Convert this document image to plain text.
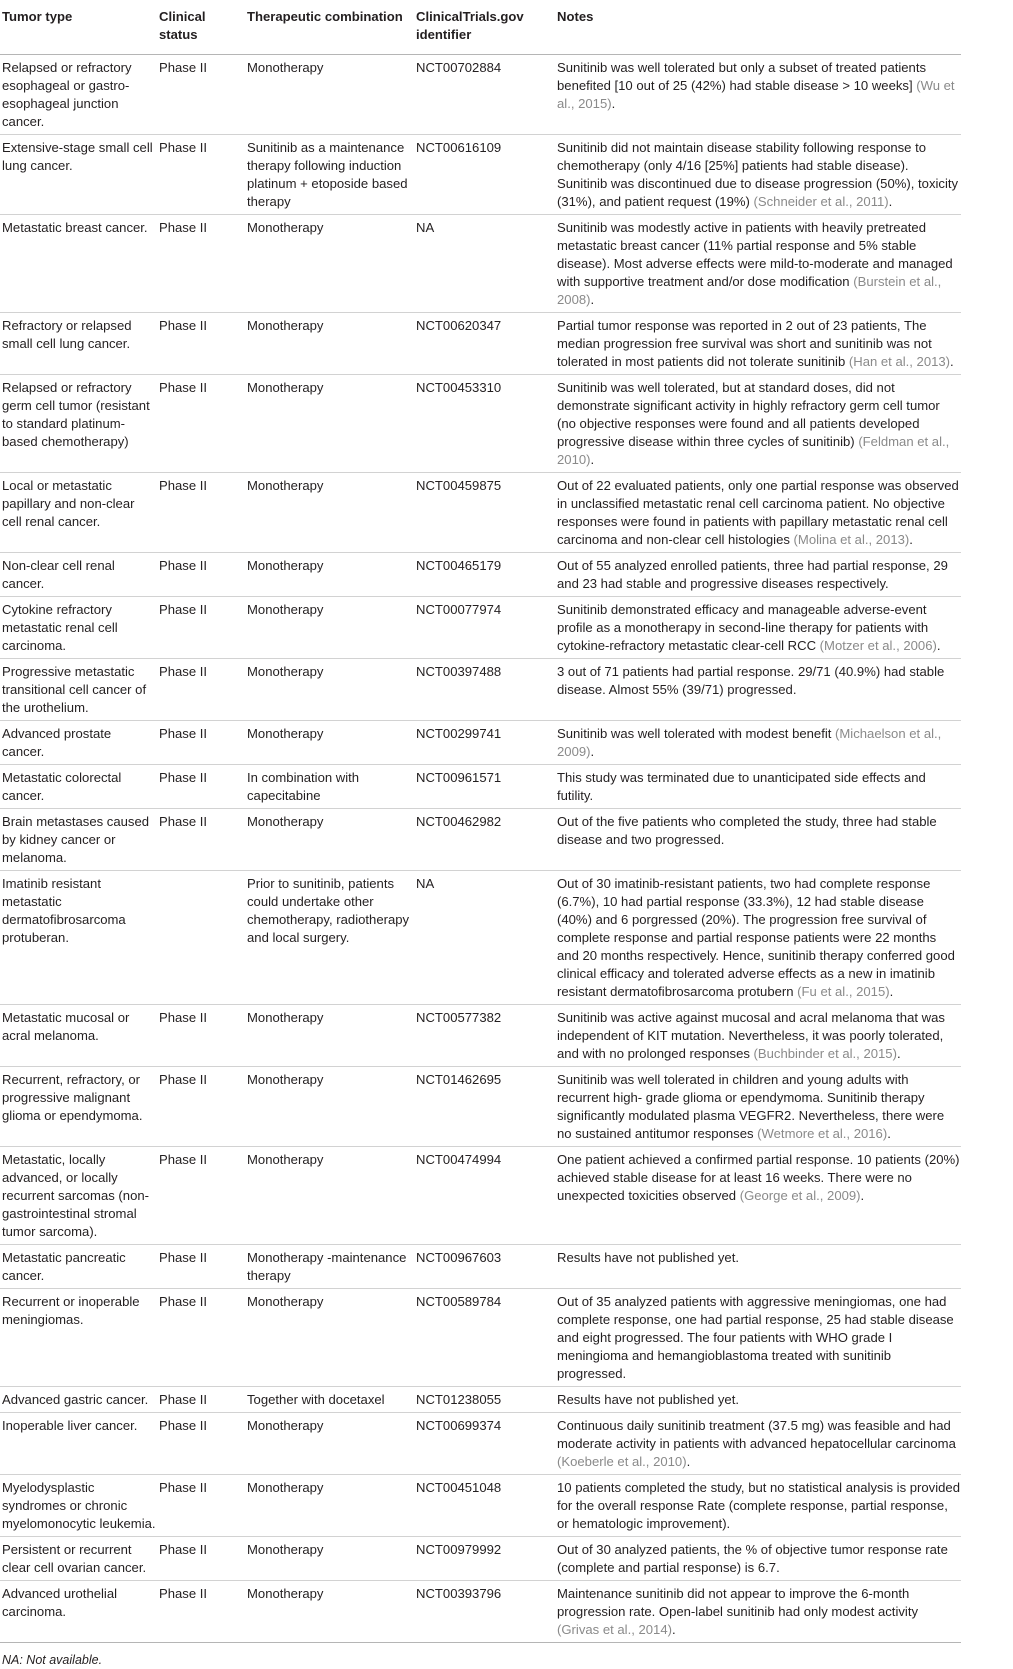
Tumor type	Clinical status	Therapeutic combination	ClinicalTrials.gov identifier	Notes
Relapsed or refractory esophageal or gastro-esophageal junction cancer.	Phase II	Monotherapy	NCT00702884	Sunitinib was well tolerated but only a subset of treated patients benefited [10 out of 25 (42%) had stable disease > 10 weeks] (Wu et al., 2015).
Extensive-stage small cell lung cancer.	Phase II	Sunitinib as a maintenance therapy following induction platinum + etoposide based therapy	NCT00616109	Sunitinib did not maintain disease stability following response to chemotherapy (only 4/16 [25%] patients had stable disease). Sunitinib was discontinued due to disease progression (50%), toxicity (31%), and patient request (19%) (Schneider et al., 2011).
Metastatic breast cancer.	Phase II	Monotherapy	NA	Sunitinib was modestly active in patients with heavily pretreated metastatic breast cancer (11% partial response and 5% stable disease). Most adverse effects were mild-to-moderate and managed with supportive treatment and/or dose modification (Burstein et al., 2008).
Refractory or relapsed small cell lung cancer.	Phase II	Monotherapy	NCT00620347	Partial tumor response was reported in 2 out of 23 patients, The median progression free survival was short and sunitinib was not tolerated in most patients did not tolerate sunitinib (Han et al., 2013).
Relapsed or refractory germ cell tumor (resistant to standard platinum-based chemotherapy)	Phase II	Monotherapy	NCT00453310	Sunitinib was well tolerated, but at standard doses, did not demonstrate significant activity in highly refractory germ cell tumor (no objective responses were found and all patients developed progressive disease within three cycles of sunitinib) (Feldman et al., 2010).
Local or metastatic papillary and non-clear cell renal cancer.	Phase II	Monotherapy	NCT00459875	Out of 22 evaluated patients, only one partial response was observed in unclassified metastatic renal cell carcinoma patient. No objective responses were found in patients with papillary metastatic renal cell carcinoma and non-clear cell histologies (Molina et al., 2013).
Non-clear cell renal cancer.	Phase II	Monotherapy	NCT00465179	Out of 55 analyzed enrolled patients, three had partial response, 29 and 23 had stable and progressive diseases respectively.
Cytokine refractory metastatic renal cell carcinoma.	Phase II	Monotherapy	NCT00077974	Sunitinib demonstrated efficacy and manageable adverse-event profile as a monotherapy in second-line therapy for patients with cytokine-refractory metastatic clear-cell RCC (Motzer et al., 2006).
Progressive metastatic transitional cell cancer of the urothelium.	Phase II	Monotherapy	NCT00397488	3 out of 71 patients had partial response. 29/71 (40.9%) had stable disease. Almost 55% (39/71) progressed.
Advanced prostate cancer.	Phase II	Monotherapy	NCT00299741	Sunitinib was well tolerated with modest benefit (Michaelson et al., 2009).
Metastatic colorectal cancer.	Phase II	In combination with capecitabine	NCT00961571	This study was terminated due to unanticipated side effects and futility.
Brain metastases caused by kidney cancer or melanoma.	Phase II	Monotherapy	NCT00462982	Out of the five patients who completed the study, three had stable disease and two progressed.
Imatinib resistant metastatic dermatofibrosarcoma protuberan.		Prior to sunitinib, patients could undertake other chemotherapy, radiotherapy and local surgery.	NA	Out of 30 imatinib-resistant patients, two had complete response (6.7%), 10 had partial response (33.3%), 12 had stable disease (40%) and 6 porgressed (20%). The progression free survival of complete response and partial response patients were 22 months and 20 months respectively. Hence, sunitinib therapy conferred good clinical efficacy and tolerated adverse effects as a new in imatinib resistant dermatofibrosarcoma protubern (Fu et al., 2015).
Metastatic mucosal or acral melanoma.	Phase II	Monotherapy	NCT00577382	Sunitinib was active against mucosal and acral melanoma that was independent of KIT mutation. Nevertheless, it was poorly tolerated, and with no prolonged responses (Buchbinder et al., 2015).
Recurrent, refractory, or progressive malignant glioma or ependymoma.	Phase II	Monotherapy	NCT01462695	Sunitinib was well tolerated in children and young adults with recurrent high- grade glioma or ependymoma. Sunitinib therapy significantly modulated plasma VEGFR2. Nevertheless, there were no sustained antitumor responses (Wetmore et al., 2016).
Metastatic, locally advanced, or locally recurrent sarcomas (non-gastrointestinal stromal tumor sarcoma).	Phase II	Monotherapy	NCT00474994	One patient achieved a confirmed partial response. 10 patients (20%) achieved stable disease for at least 16 weeks. There were no unexpected toxicities observed (George et al., 2009).
Metastatic pancreatic cancer.	Phase II	Monotherapy -maintenance therapy	NCT00967603	Results have not published yet.
Recurrent or inoperable meningiomas.	Phase II	Monotherapy	NCT00589784	Out of 35 analyzed patients with aggressive meningiomas, one had complete response, one had partial response, 25 had stable disease and eight progressed. The four patients with WHO grade I meningioma and hemangioblastoma treated with sunitinib progressed.
Advanced gastric cancer.	Phase II	Together with docetaxel	NCT01238055	Results have not published yet.
Inoperable liver cancer.	Phase II	Monotherapy	NCT00699374	Continuous daily sunitinib treatment (37.5 mg) was feasible and had moderate activity in patients with advanced hepatocellular carcinoma (Koeberle et al., 2010).
Myelodysplastic syndromes or chronic myelomonocytic leukemia.	Phase II	Monotherapy	NCT00451048	10 patients completed the study, but no statistical analysis is provided for the overall response Rate (complete response, partial response, or hematologic improvement).
Persistent or recurrent clear cell ovarian cancer.	Phase II	Monotherapy	NCT00979992	Out of 30 analyzed patients, the % of objective tumor response rate (complete and partial response) is 6.7.
Advanced urothelial carcinoma.	Phase II	Monotherapy	NCT00393796	Maintenance sunitinib did not appear to improve the 6-month progression rate. Open-label sunitinib had only modest activity (Grivas et al., 2014).
NA: Not available.
